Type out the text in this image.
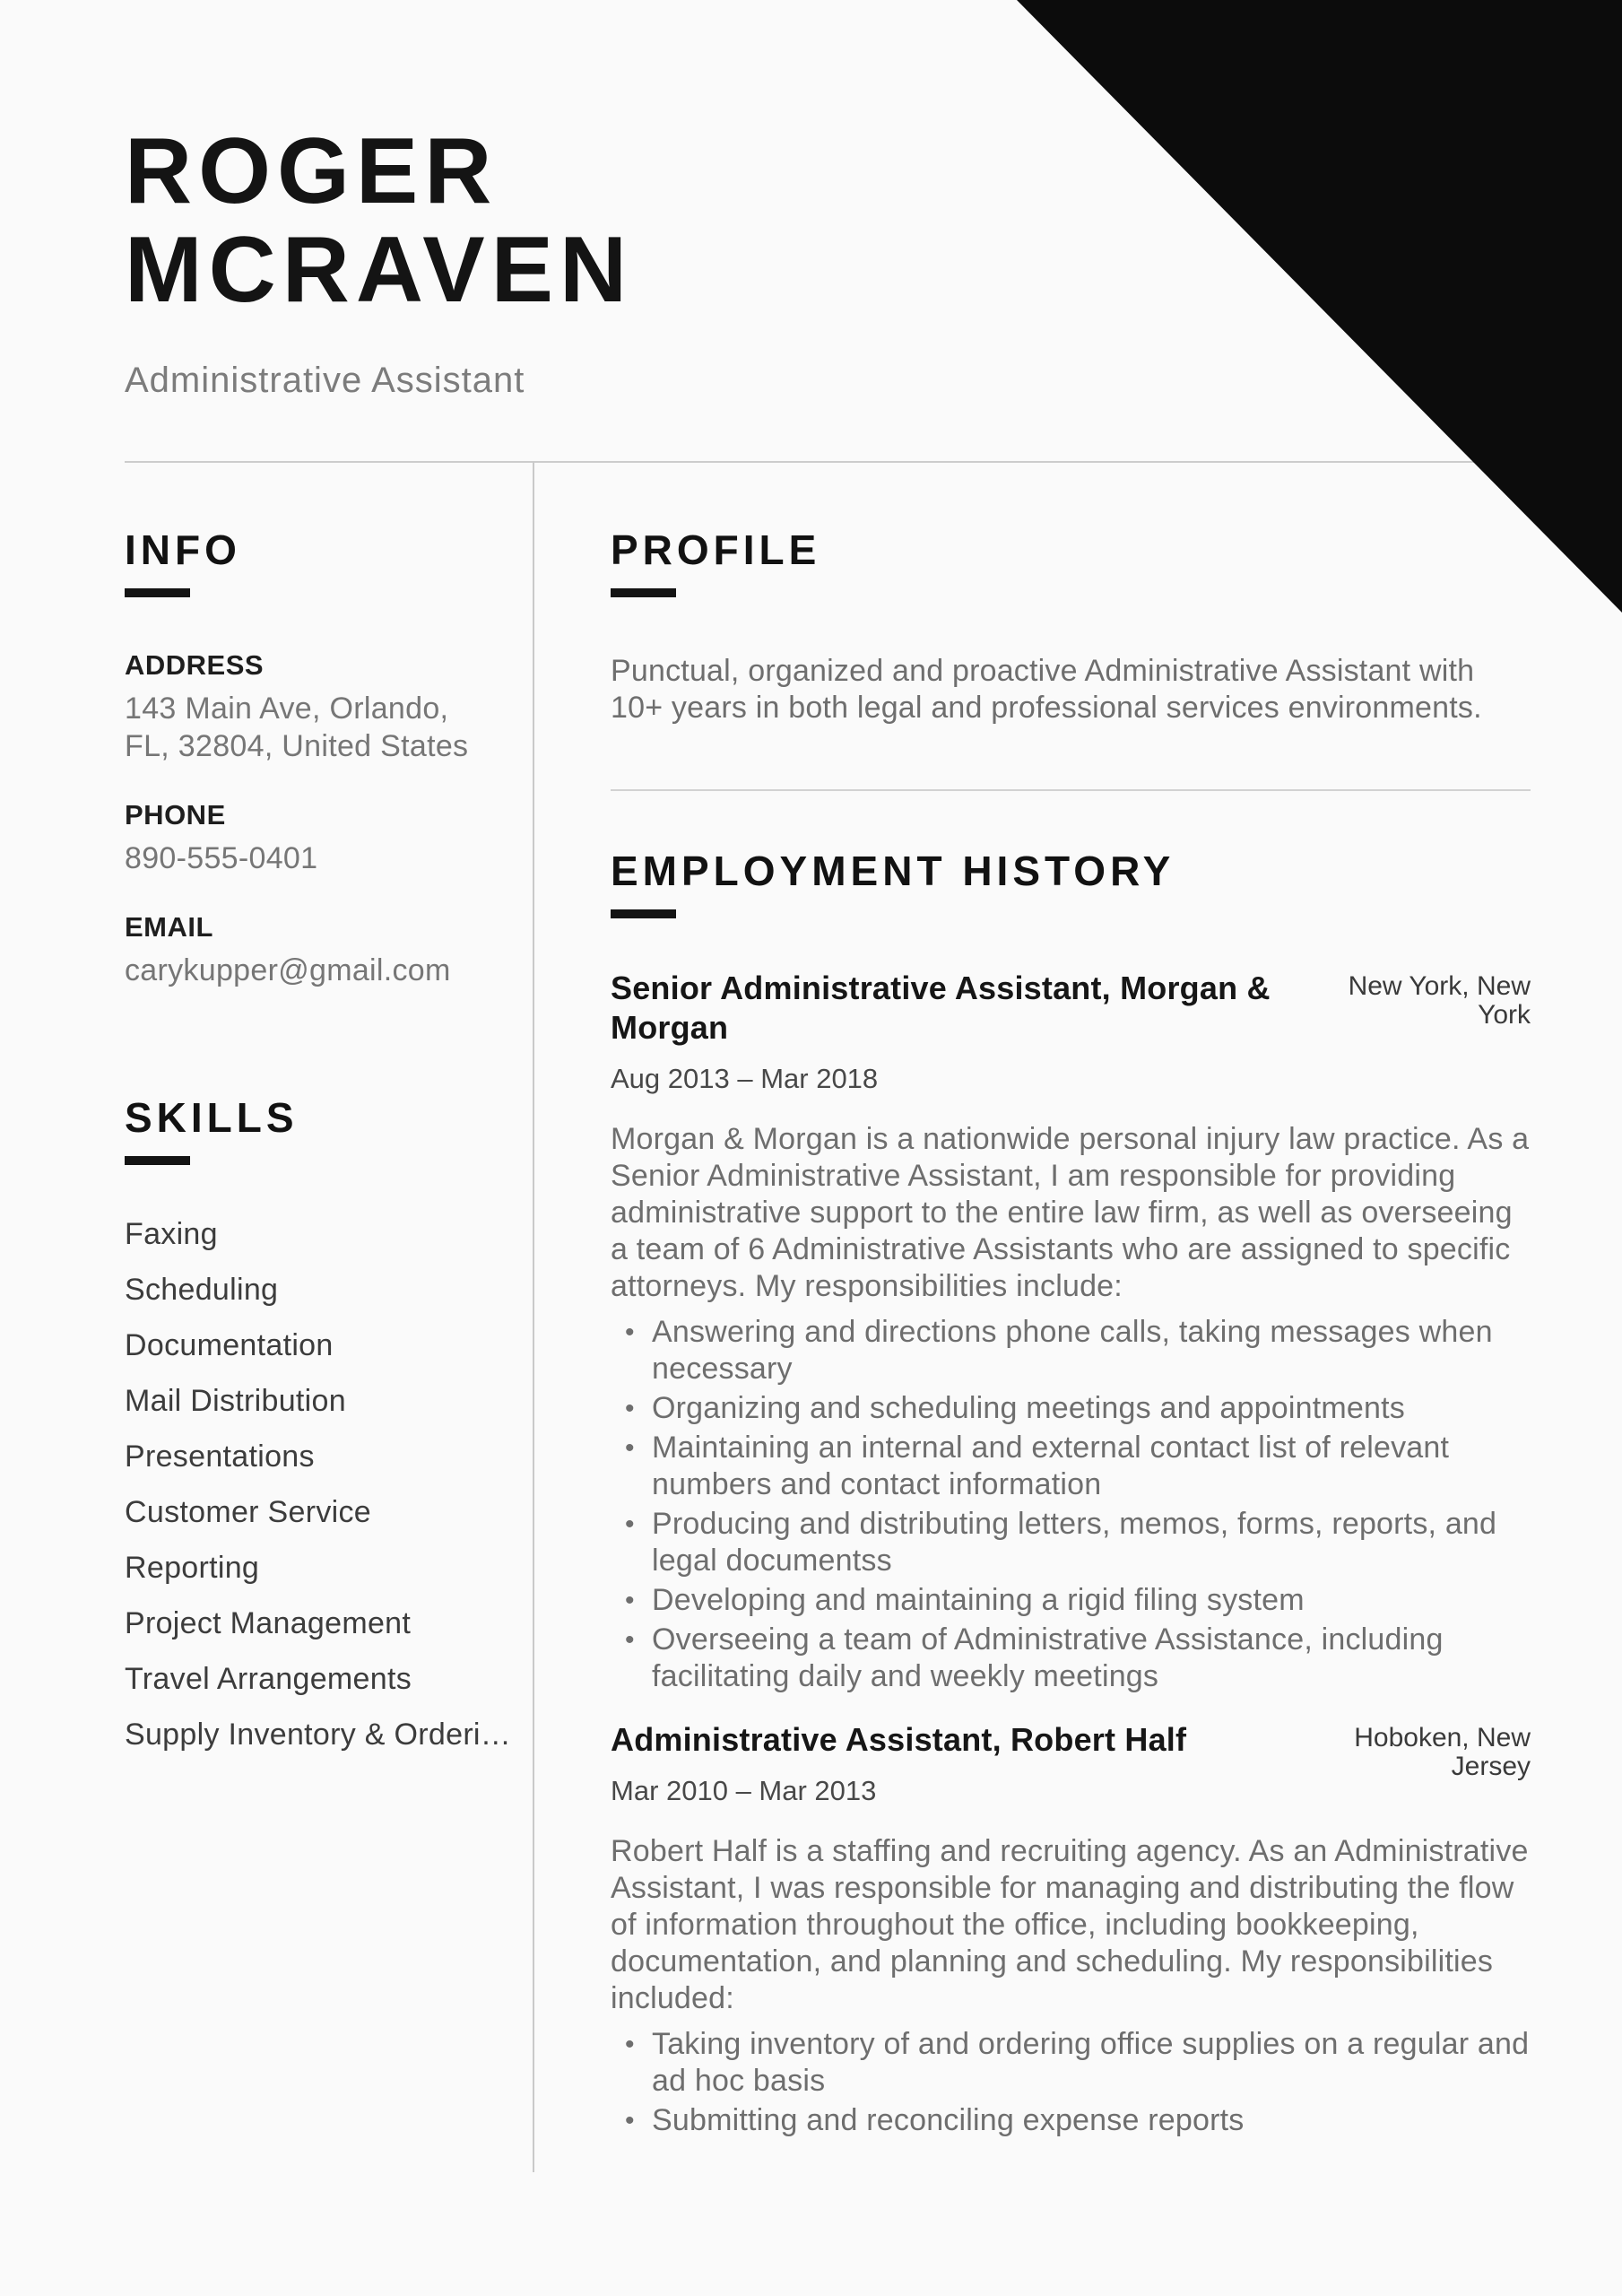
ROGER MCRAVEN
Administrative Assistant
INFO
ADDRESS
143 Main Ave, Orlando, FL, 32804, United States
PHONE
890-555-0401
EMAIL
carykupper@gmail.com
SKILLS
Faxing
Scheduling
Documentation
Mail Distribution
Presentations
Customer Service
Reporting
Project Management
Travel Arrangements
Supply Inventory & Orderi…
PROFILE

Punctual, organized and proactive Administrative Assistant with 10+ years in both legal and professional services environments.

EMPLOYMENT HISTORY
Senior Administrative Assistant, Morgan & Morgan
New York, New York
Aug 2013 – Mar 2018

Morgan & Morgan is a nationwide personal injury law practice. As a Senior Administrative Assistant, I am responsible for providing administrative support to the entire law firm, as well as overseeing a team of 6 Administrative Assistants who are assigned to specific attorneys. My responsibilities include:

• Answering and directions phone calls, taking messages when necessary
• Organizing and scheduling meetings and appointments
• Maintaining an internal and external contact list of relevant numbers and contact information
• Producing and distributing letters, memos, forms, reports, and legal documentss
• Developing and maintaining a rigid filing system
• Overseeing a team of Administrative Assistance, including facilitating daily and weekly meetings
Administrative Assistant, Robert Half	Hoboken, New Jersey
Mar 2010 – Mar 2013

Robert Half is a staffing and recruiting agency. As an Administrative Assistant, I was responsible for managing and distributing the flow of information throughout the office, including bookkeeping, documentation, and planning and scheduling. My responsibilities included:

• Taking inventory of and ordering office supplies on a regular and ad hoc basis
• Submitting and reconciling expense reports
